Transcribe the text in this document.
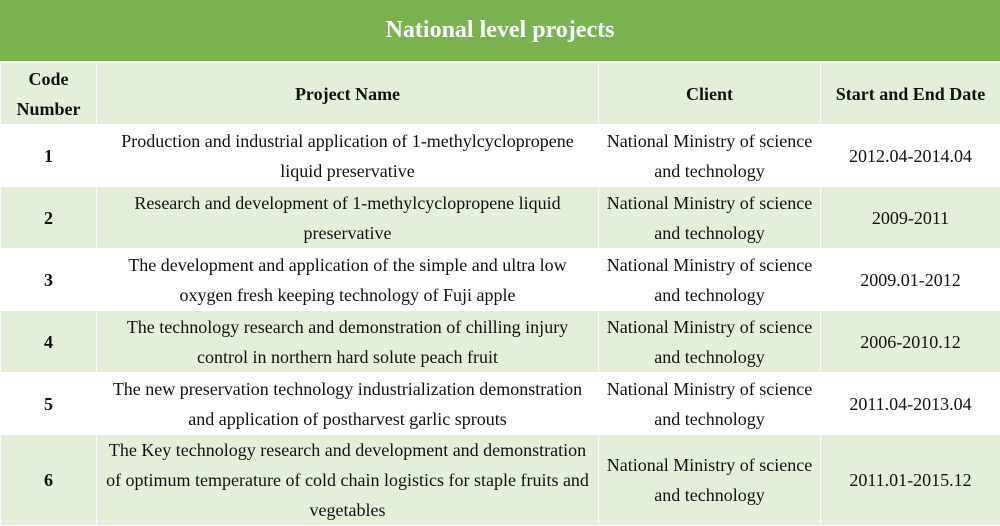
National level projects
Code Number	Project Name	Client	Start and End Date
1	Production and industrial application of 1-methylcyclopropene liquid preservative	National Ministry of science and technology	2012.04-2014.04
2	Research and development of 1-methylcyclopropene liquid preservative	National Ministry of science and technology	2009-2011
3	The development and application of the simple and ultra low oxygen fresh keeping technology of Fuji apple	National Ministry of science and technology	2009.01-2012
4	The technology research and demonstration of chilling injury control in northern hard solute peach fruit	National Ministry of science and technology	2006-2010.12
5	The new preservation technology industrialization demonstration and application of postharvest garlic sprouts	National Ministry of science and technology	2011.04-2013.04
6	The Key technology research and development and demonstration of optimum temperature of cold chain logistics for staple fruits and vegetables	National Ministry of science and technology	2011.01-2015.12
